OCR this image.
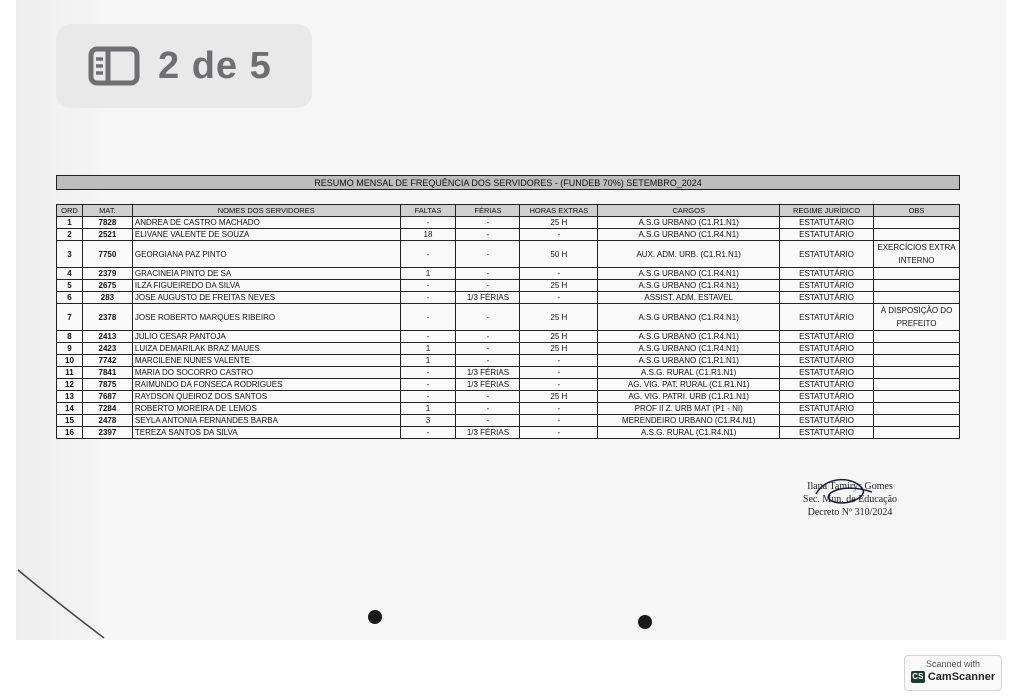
2 de 5
RESUMO MENSAL DE FREQUÊNCIA DOS SERVIDORES - (FUNDEB 70%) SETEMBRO_2024
ORD	MAT.	NOMES DOS SERVIDORES	FALTAS	FÉRIAS	HORAS EXTRAS	CARGOS	REGIME JURÍDICO	OBS
1	7828	ANDREA DE CASTRO MACHADO	-	-	25 H	A.S.G URBANO (C1.R1.N1)	ESTATUTÁRIO	
2	2521	ELIVANE VALENTE DE SOUZA	18	-	-	A.S.G URBANO (C1.R4.N1)	ESTATUTÁRIO	
3	7750	GEORGIANA PAZ PINTO	-	-	50 H	AUX. ADM. URB. (C1.R1.N1)	ESTATUTÁRIO	EXERCÍCIOS EXTRA INTERNO
4	2379	GRACINEIA PINTO DE SA	1	-	-	A.S.G URBANO (C1.R4.N1)	ESTATUTÁRIO	
5	2675	ILZA FIGUEIREDO DA SILVA	-	-	25 H	A.S.G URBANO (C1.R4.N1)	ESTATUTÁRIO	
6	283	JOSE AUGUSTO DE FREITAS NEVES	-	1/3 FÉRIAS	-	ASSIST. ADM. ESTAVEL	ESTATUTÁRIO	
7	2378	JOSE ROBERTO MARQUES RIBEIRO	-	-	25 H	A.S.G URBANO (C1.R4.N1)	ESTATUTÁRIO	À DISPOSIÇÃO DO PREFEITO
8	2413	JULIO CESAR PANTOJA	-	-	25 H	A.S.G URBANO (C1.R4.N1)	ESTATUTÁRIO	
9	2423	LUIZA DEMARILAK BRAZ MAUES	1	-	25 H	A.S.G URBANO (C1.R4.N1)	ESTATUTÁRIO	
10	7742	MARCILENE NUNES VALENTE	1	-	-	A.S.G URBANO (C1.R1.N1)	ESTATUTÁRIO	
11	7841	MARIA DO SOCORRO CASTRO	-	1/3 FÉRIAS	-	A.S.G. RURAL (C1.R1.N1)	ESTATUTÁRIO	
12	7875	RAIMUNDO DA FONSECA RODRIGUES	-	1/3 FÉRIAS	-	AG. VIG. PAT. RURAL (C1.R1.N1)	ESTATUTÁRIO	
13	7687	RAYDSON QUEIROZ DOS SANTOS	-	-	25 H	AG. VIG. PATRI. URB (C1.R1.N1)	ESTATUTÁRIO	
14	7284	ROBERTO MOREIRA DE LEMOS	1	-	-	PROF II Z. URB MAT (P1 - NI)	ESTATUTÁRIO	
15	2478	SEYLA ANTONIA FERNANDES BARBA	3	-	-	MERENDEIRO URBANO (C1.R4.N1)	ESTATUTÁRIO	
16	2397	TEREZA SANTOS DA SILVA	-	1/3 FÉRIAS	-	A.S.G. RURAL (C1.R4.N1)	ESTATUTÁRIO	
Ilana Tamirys Gomes
Sec. Mun. de Educação
Decreto Nº 310/2024
Scanned with
CS CamScanner
